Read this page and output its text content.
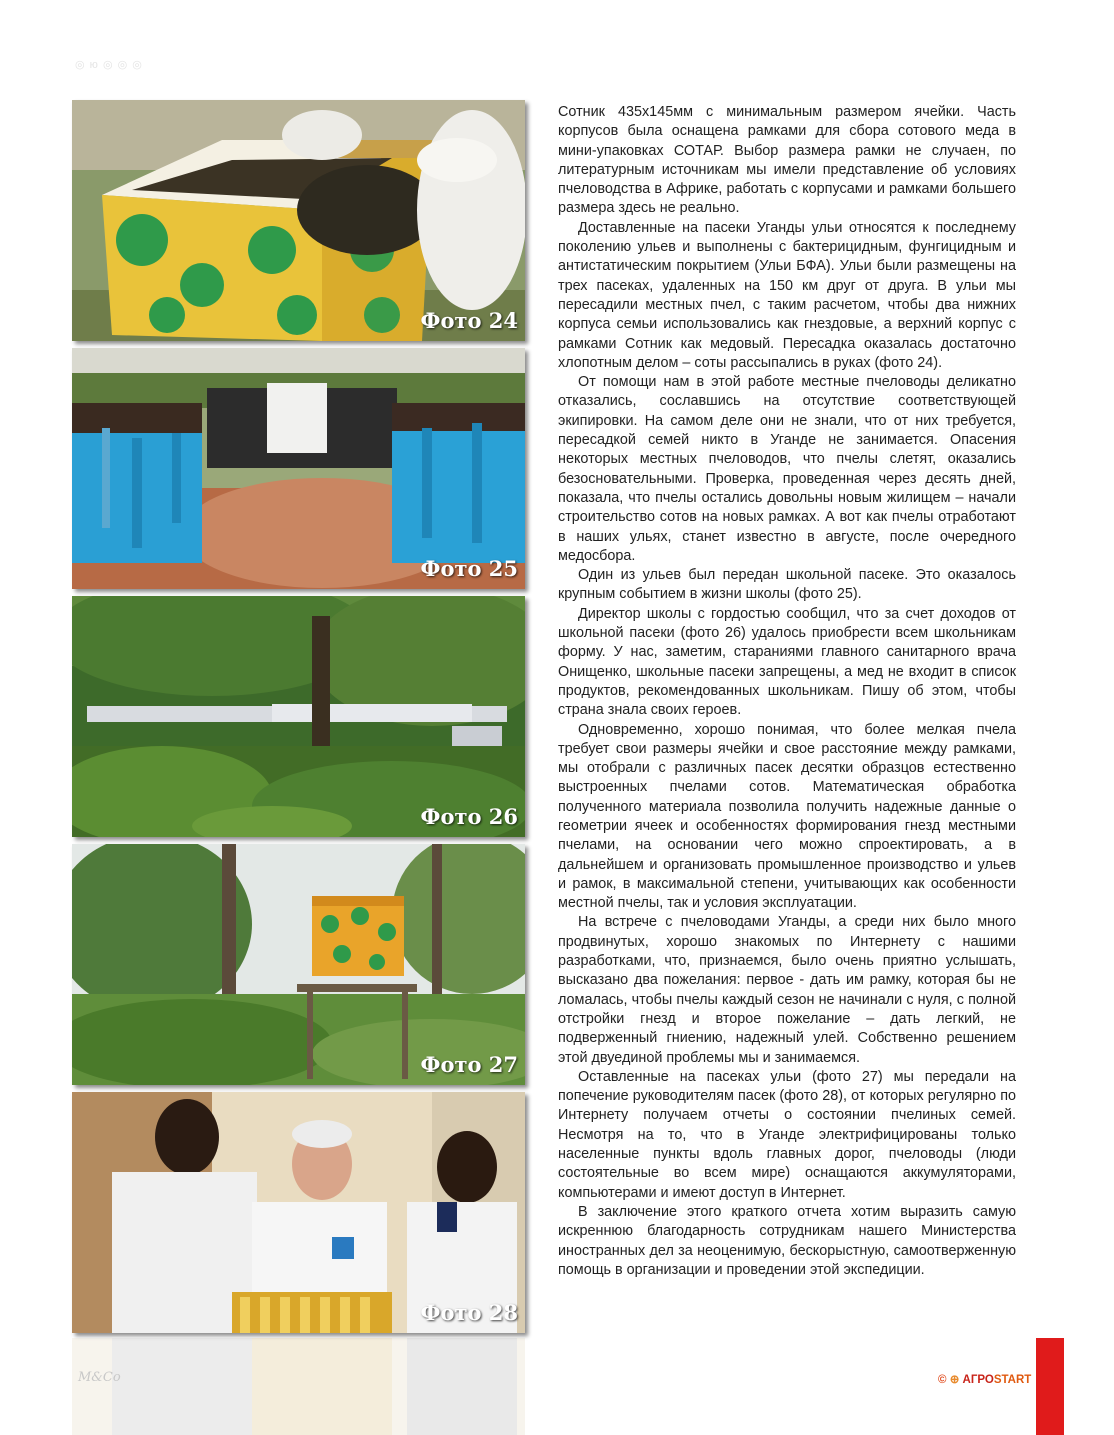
◎ ю ◎ ◎ ◎
Фото 24
Фото 25
Фото 26
Фото 27
Фото 28
M&Co

Сотник 435х145мм с минимальным размером ячейки. Часть корпусов была оснащена рамками для сбора сотового меда в мини-упаковках СОТАР. Выбор размера рамки не случаен, по литературным источникам мы имели представление об условиях пчеловодства в Африке, работать с корпусами и рамками большего размера здесь не реально.

Доставленные на пасеки Уганды ульи относятся к последнему поколению ульев и выполнены с бактерицидным, фунгицидным и антистатическим покрытием (Ульи БФА). Ульи были размещены на трех пасеках, удаленных на 150 км друг от друга. В ульи мы пересадили местных пчел, с таким расчетом, чтобы два нижних корпуса семьи использовались как гнездовые, а верхний корпус с рамками Сотник как медовый. Пересадка оказалась достаточно хлопотным делом – соты рассыпались в руках (фото 24).

От помощи нам в этой работе местные пчеловоды деликатно отказались, сославшись на отсутствие соответствующей экипировки. На самом деле они не знали, что от них требуется, пересадкой семей никто в Уганде не занимается. Опасения некоторых местных пчеловодов, что пчелы слетят, оказались безосновательными. Проверка, проведенная через десять дней, показала, что пчелы остались довольны новым жилищем – начали строительство сотов на новых рамках. А вот как пчелы отработают в наших ульях, станет известно в августе, после очередного медосбора.

Один из ульев был передан школьной пасеке. Это оказалось крупным событием в жизни школы (фото 25).

Директор школы с гордостью сообщил, что за счет доходов от школьной пасеки (фото 26) удалось приобрести всем школьникам форму. У нас, заметим, стараниями главного санитарного врача Онищенко, школьные пасеки запрещены, а мед не входит в список продуктов, рекомендованных школьникам. Пишу об этом, чтобы страна знала своих героев.

Одновременно, хорошо понимая, что более мелкая пчела требует свои размеры ячейки и свое расстояние между рамками, мы отобрали с различных пасек десятки образцов естественно выстроенных пчелами сотов. Математическая обработка полученного материала позволила получить надежные данные о геометрии ячеек и особенностях формирования гнезд местными пчелами, на основании чего можно спроектировать, а в дальнейшем и организовать промышленное производство и ульев и рамок, в максимальной степени, учитывающих как особенности местной пчелы, так и условия эксплуатации.

На встрече с пчеловодами Уганды, а среди них было много продвинутых, хорошо знакомых по Интернету с нашими разработками, что, признаемся, было очень приятно услышать, высказано два пожелания: первое - дать им рамку, которая бы не ломалась, чтобы пчелы каждый сезон не начинали с нуля, с полной отстройки гнезд и второе пожелание – дать легкий, не подверженный гниению, надежный улей. Собственно решением этой двуединой проблемы мы и занимаемся.

Оставленные на пасеках ульи (фото 27) мы передали на попечение руководителям пасек (фото 28), от которых регулярно по Интернету получаем отчеты о состоянии пчелиных семей. Несмотря на то, что в Уганде электрифицированы только населенные пункты вдоль главных дорог, пчеловоды (люди состоятельные во всем мире) оснащаются аккумуляторами, компьютерами и имеют доступ в Интернет.

В заключение этого краткого отчета хотим выразить самую искреннюю благодарность сотрудникам нашего Министерства иностранных дел за неоценимую, бескорыстную, самоотверженную помощь в организации и проведении этой экспедиции.

© ⊕ АГРОSTART
